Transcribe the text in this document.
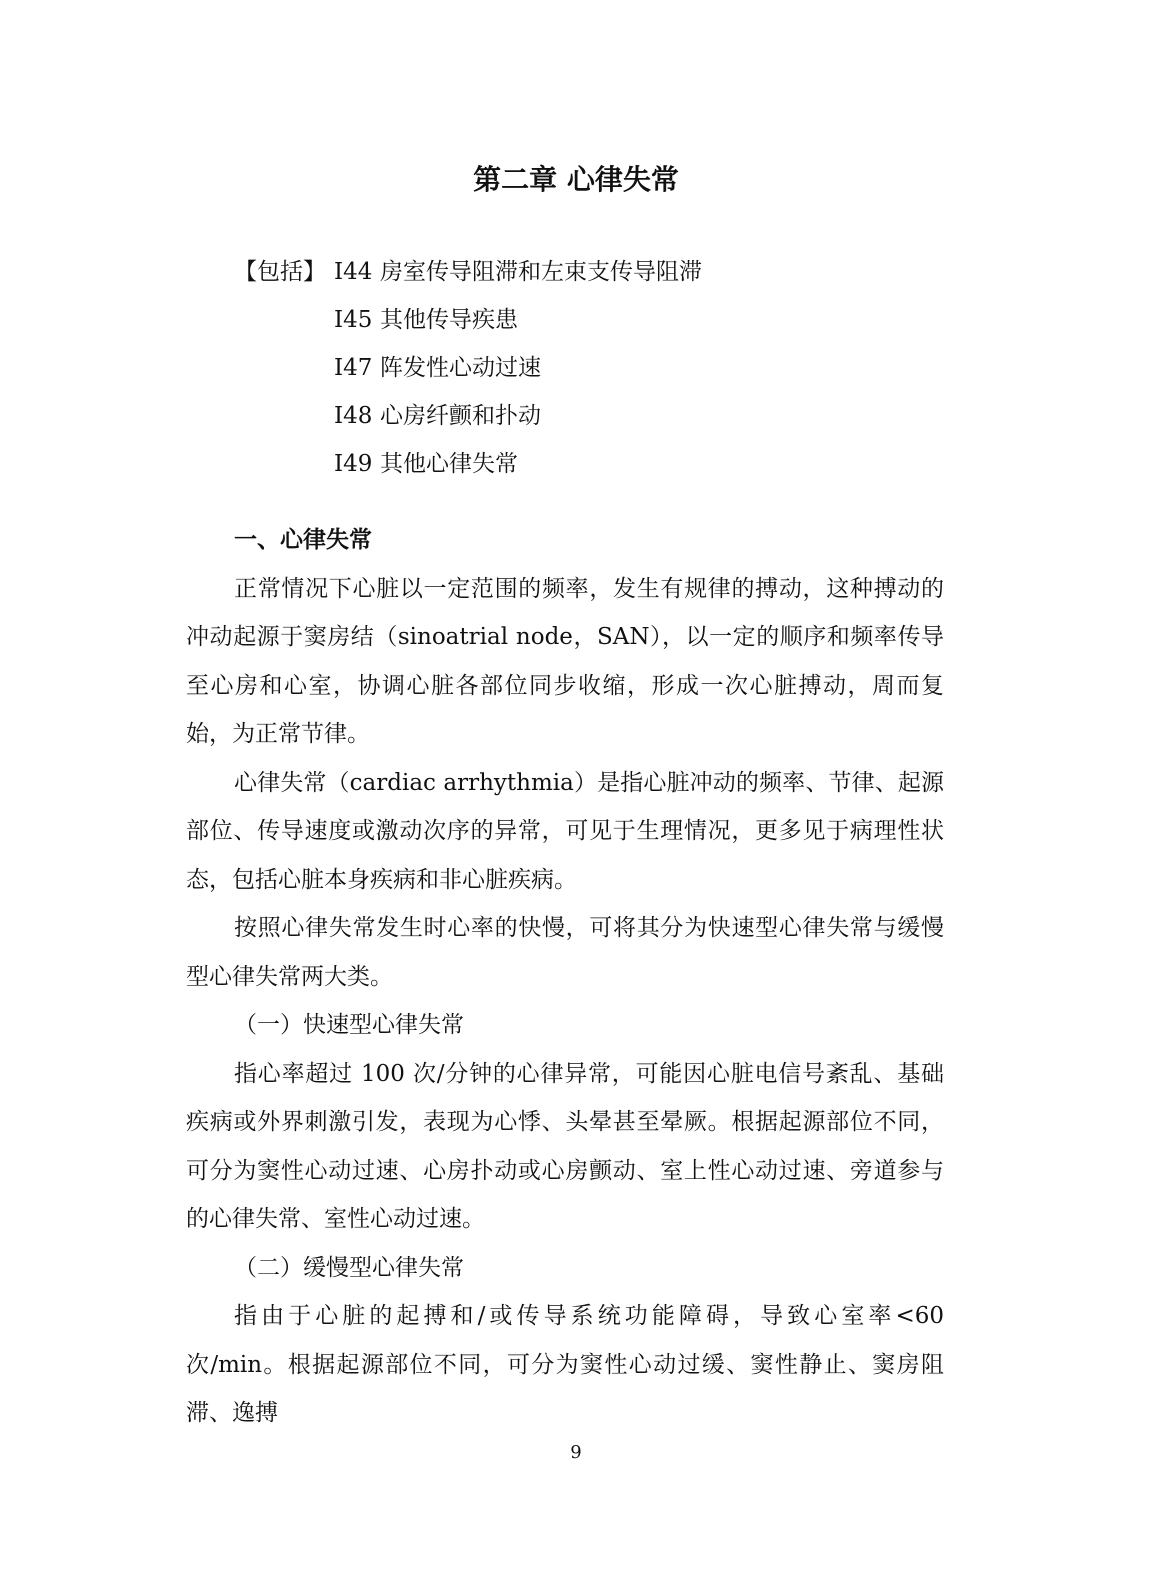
第二章 心律失常
【包括】 I44 房室传导阻滞和左束支传导阻滞
I45 其他传导疾患
I47 阵发性心动过速
I48 心房纤颤和扑动
I49 其他心律失常
一、心律失常

正常情况下心脏以一定范围的频率，发生有规律的搏动，这种搏动的冲动起源于窦房结（sinoatrial node，SAN），以一定的顺序和频率传导至心房和心室，协调心脏各部位同步收缩，形成一次心脏搏动，周而复始，为正常节律。

心律失常（cardiac arrhythmia）是指心脏冲动的频率、节律、起源部位、传导速度或激动次序的异常，可见于生理情况，更多见于病理性状态，包括心脏本身疾病和非心脏疾病。

按照心律失常发生时心率的快慢，可将其分为快速型心律失常与缓慢型心律失常两大类。

（一）快速型心律失常

指心率超过 100 次/分钟的心律异常，可能因心脏电信号紊乱、基础疾病或外界刺激引发，表现为心悸、头晕甚至晕厥。根据起源部位不同，可分为窦性心动过速、心房扑动或心房颤动、室上性心动过速、旁道参与的心律失常、室性心动过速。

（二）缓慢型心律失常

指由于心脏的起搏和/或传导系统功能障碍，导致心室率<60 次/min。根据起源部位不同，可分为窦性心动过缓、窦性静止、窦房阻滞、逸搏

9
